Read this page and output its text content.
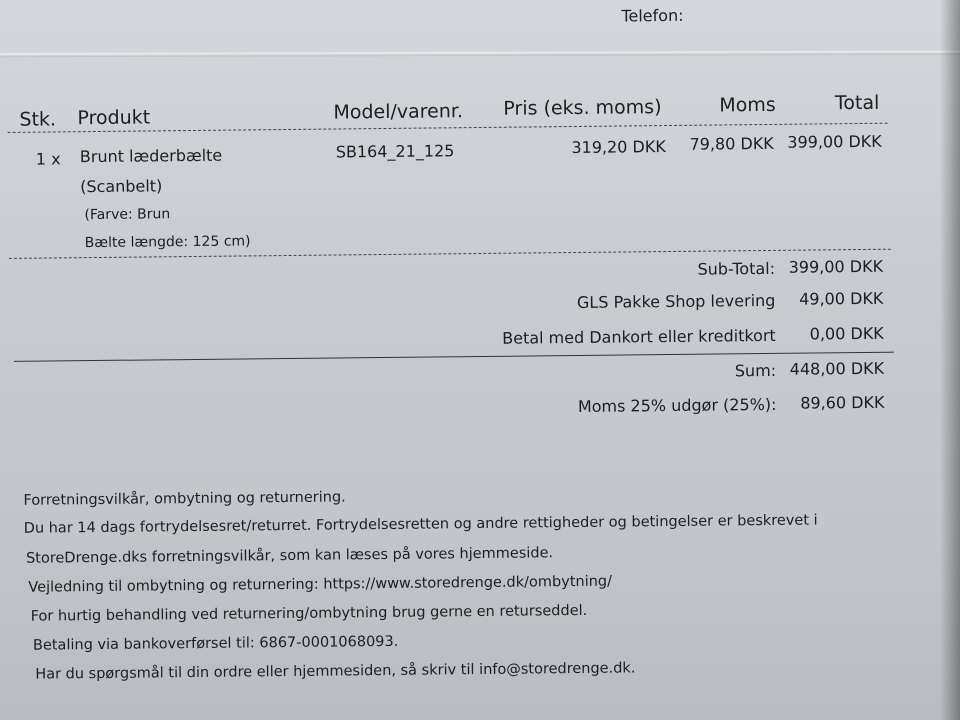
Telefon:
Stk. Produkt	Model/varenr. Pris (eks. moms)	Moms	Total
1 x Brunt læderbælte
(Scanbelt)
(Farve: Brun
Bælte længde: 125 cm)
SB164_21_125	319,20 DKK	79,80 DKK 399,00 DKK
Sub-Total: 399,00 DKK
GLS Pakke Shop levering	49,00 DKK
Betal med Dankort eller kreditkort	0,00 DKK
Sum: 448,00 DKK
Moms 25% udgør (25%):	89,60 DKK
Forretningsvilkår, ombytning og returnering.
Du har 14 dags fortrydelsesret/returret. Fortrydelsesretten og andre rettigheder og betingelser er beskrevet i
StoreDrenge.dks forretningsvilkår, som kan læses på vores hjemmeside.
Vejledning til ombytning og returnering: https://www.storedrenge.dk/ombytning/
For hurtig behandling ved returnering/ombytning brug gerne en returseddel.
Betaling via bankoverførsel til: 6867-0001068093.
Har du spørgsmål til din ordre eller hjemmesiden, så skriv til info@storedrenge.dk.
